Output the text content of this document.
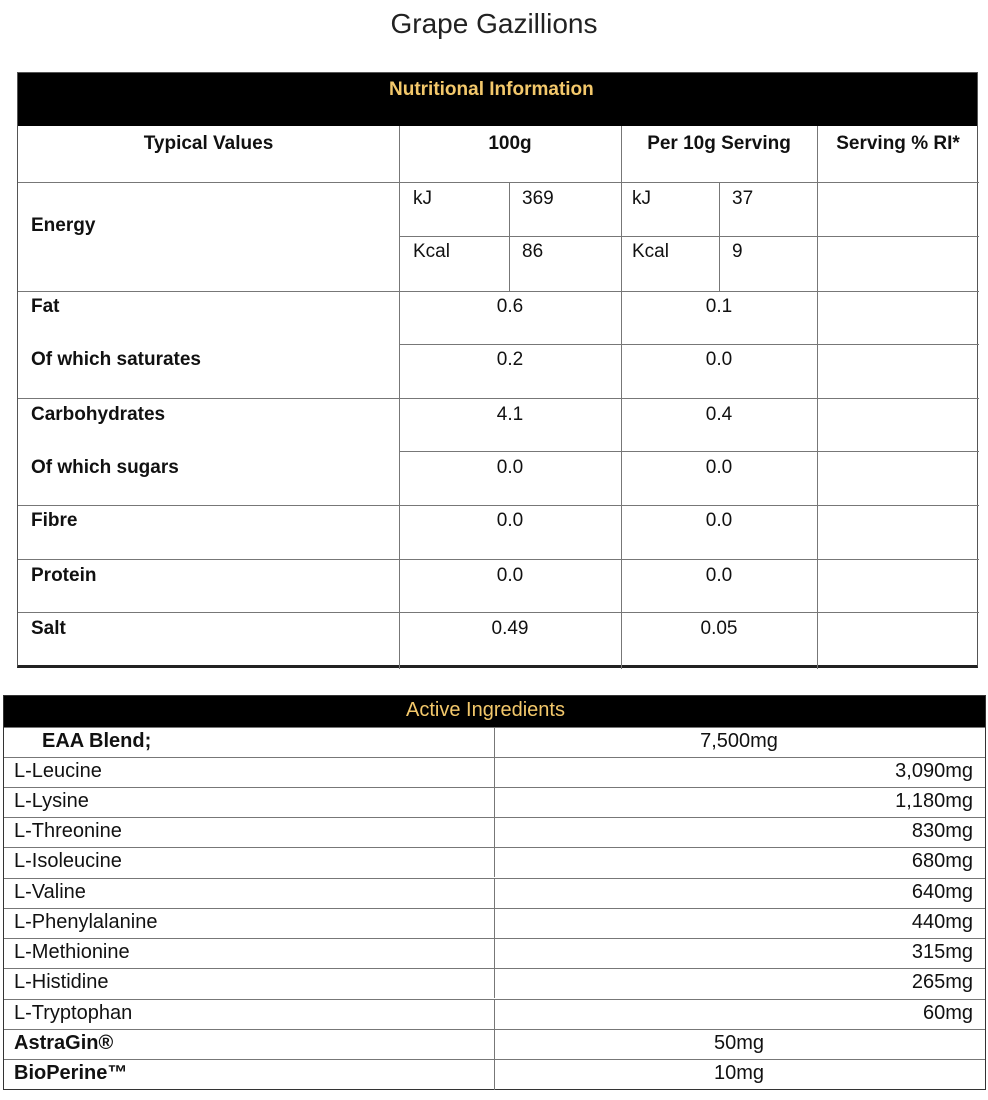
Grape Gazillions
Nutritional Information
Typical Values	100g	Per 10g Serving	Serving % RI*
Energy
kJ	369	kJ	37
Kcal	86	Kcal	9
Fat	0.6	0.1
Of which saturates	0.2	0.0
Carbohydrates	4.1	0.4
Of which sugars	0.0	0.0
Fibre	0.0	0.0
Protein	0.0	0.0
Salt	0.49	0.05
Active Ingredients
EAA Blend;	7,500mg
L-Leucine	3,090mg
L-Lysine	1,180mg
L-Threonine	830mg
L-Isoleucine	680mg
L-Valine	640mg
L-Phenylalanine	440mg
L-Methionine	315mg
L-Histidine	265mg
L-Tryptophan	60mg
AstraGin®	50mg
BioPerine™	10mg
